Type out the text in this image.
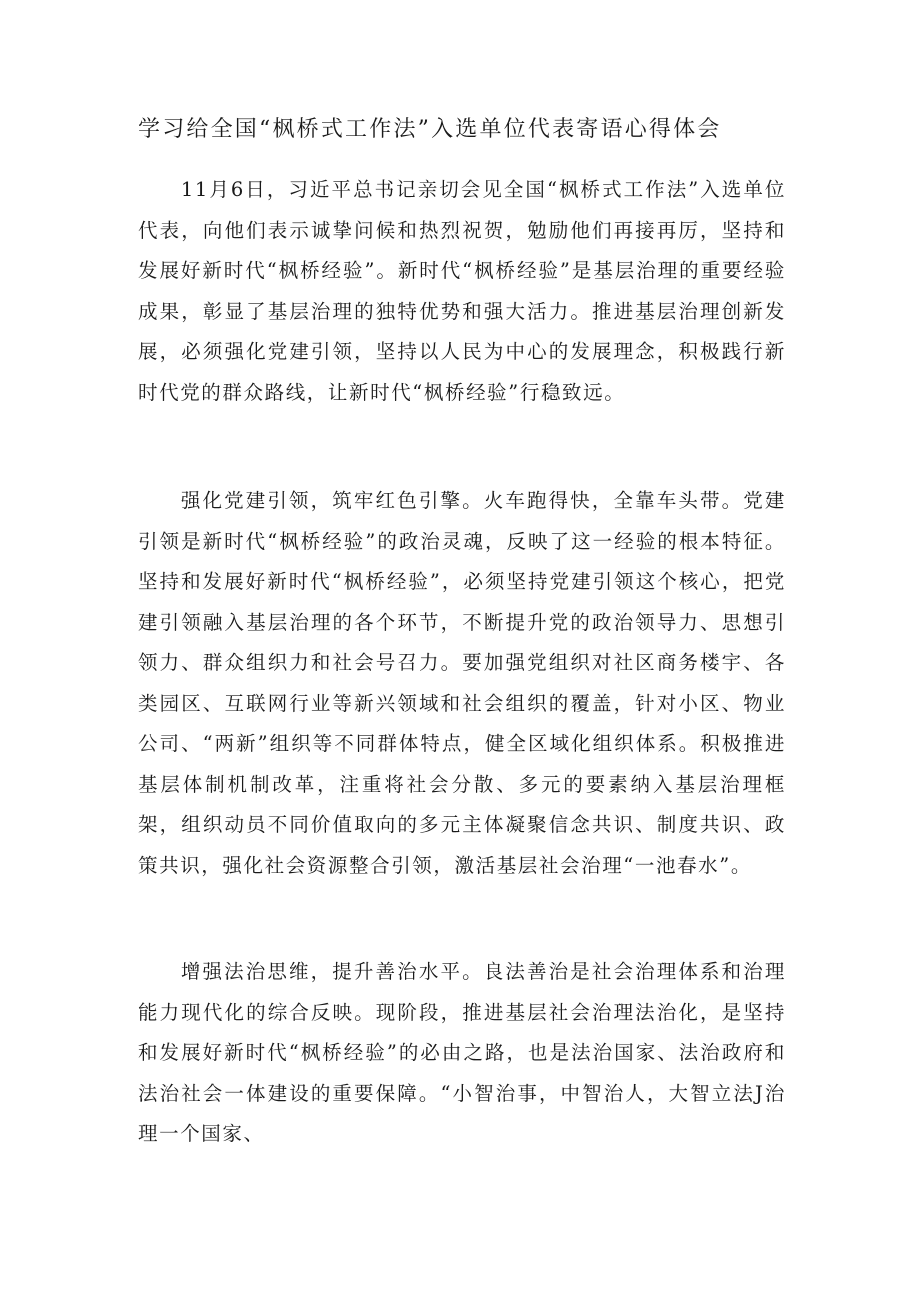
学习给全国“枫桥式工作法”入选单位代表寄语心得体会

11月6日，习近平总书记亲切会见全国“枫桥式工作法”入选单位代表，向他们表示诚挚问候和热烈祝贺，勉励他们再接再厉，坚持和发展好新时代“枫桥经验”。新时代“枫桥经验”是基层治理的重要经验成果，彰显了基层治理的独特优势和强大活力。推进基层治理创新发展，必须强化党建引领，坚持以人民为中心的发展理念，积极践行新时代党的群众路线，让新时代“枫桥经验”行稳致远。

强化党建引领，筑牢红色引擎。火车跑得快，全靠车头带。党建引领是新时代“枫桥经验”的政治灵魂，反映了这一经验的根本特征。坚持和发展好新时代“枫桥经验”，必须坚持党建引领这个核心，把党建引领融入基层治理的各个环节，不断提升党的政治领导力、思想引领力、群众组织力和社会号召力。要加强党组织对社区商务楼宇、各类园区、互联网行业等新兴领域和社会组织的覆盖，针对小区、物业公司、“两新”组织等不同群体特点，健全区域化组织体系。积极推进基层体制机制改革，注重将社会分散、多元的要素纳入基层治理框架，组织动员不同价值取向的多元主体凝聚信念共识、制度共识、政策共识，强化社会资源整合引领，激活基层社会治理“一池春水”。

增强法治思维，提升善治水平。良法善治是社会治理体系和治理能力现代化的综合反映。现阶段，推进基层社会治理法治化，是坚持和发展好新时代“枫桥经验”的必由之路，也是法治国家、法治政府和法治社会一体建设的重要保障。“小智治事，中智治人，大智立法J治理一个国家、
